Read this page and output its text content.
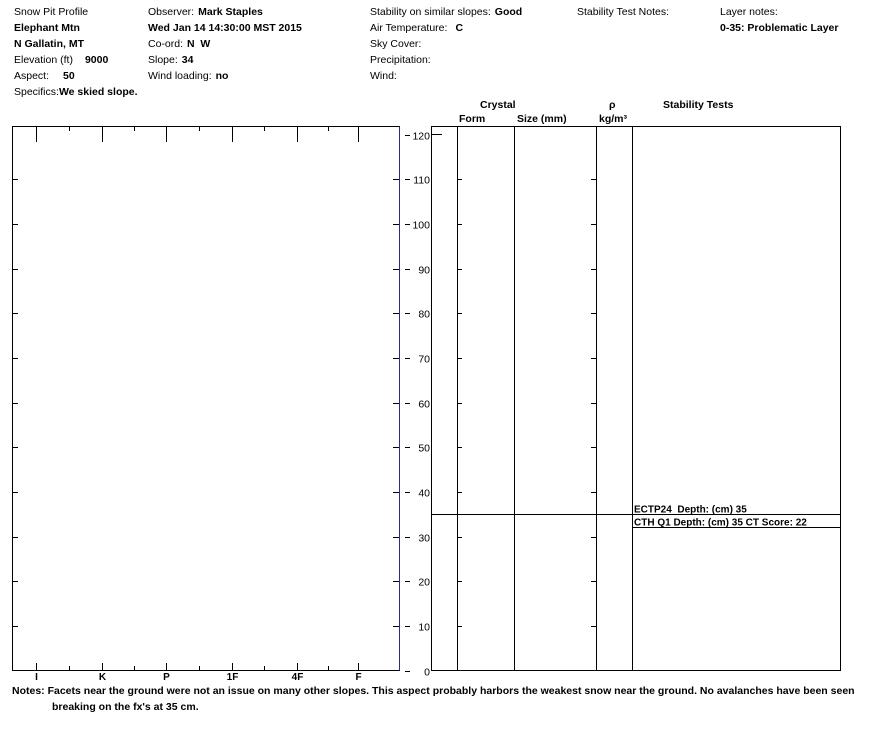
Snow Pit Profile
Elephant Mtn
N Gallatin, MT
Elevation (ft) 9000
Aspect: 50
Specifics:We skied slope.
Observer: Mark Staples
Wed Jan 14 14:30:00 MST 2015
Co-ord: N  W
Slope: 34
Wind loading: no
Stability on similar slopes: Good
Air Temperature: C
Sky Cover:
Precipitation:
Wind:
Stability Test Notes:	Layer notes:
0-35: Problematic Layer
Crystal
Form	Size (mm)
ρ
kg/m³
Stability Tests
I	K	P	1F	4F	F
120
110
100
90
80
70
60
50
40
30
20
10
0
ECTP24  Depth: (cm) 35
CTH Q1 Depth: (cm) 35 CT Score: 22
Notes: Facets near the ground were not an issue on many other slopes. This aspect probably harbors the weakest snow near the ground. No avalanches have been seen
breaking on the fx's at 35 cm.
